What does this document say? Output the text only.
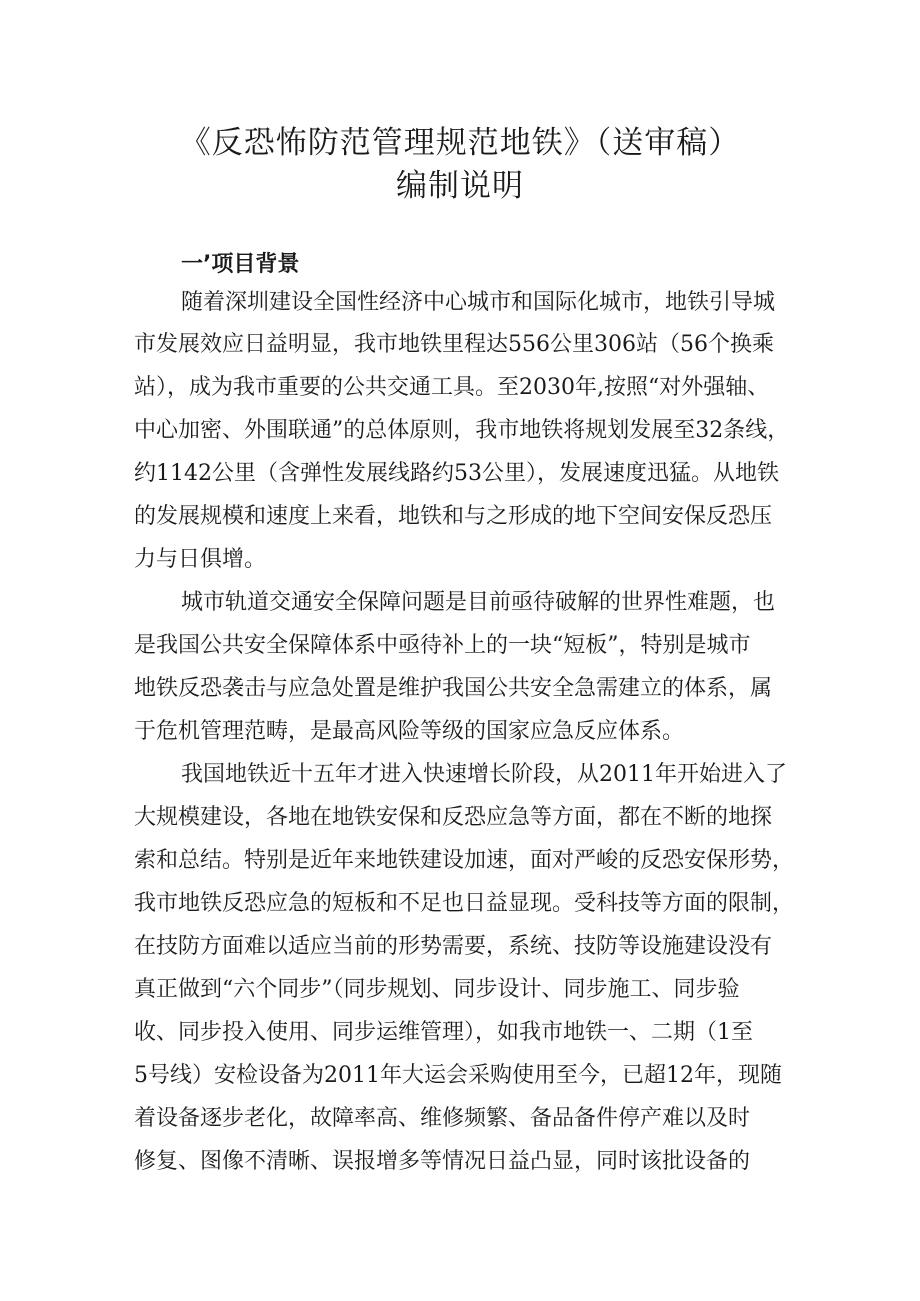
《反恐怖防范管理规范地铁》（送审稿）
编制说明
一’项目背景
随着深圳建设全国性经济中心城市和国际化城市，地铁引导城
市发展效应日益明显，我市地铁里程达556公里306站（56个换乘
站），成为我市重要的公共交通工具。至2030年,按照“对外强轴、
中心加密、外围联通”的总体原则，我市地铁将规划发展至32条线，
约1142公里（含弹性发展线路约53公里），发展速度迅猛。从地铁
的发展规模和速度上来看，地铁和与之形成的地下空间安保反恐压
力与日俱增。
城市轨道交通安全保障问题是目前亟待破解的世界性难题，也
是我国公共安全保障体系中亟待补上的一块“短板”，特别是城市
地铁反恐袭击与应急处置是维护我国公共安全急需建立的体系，属
于危机管理范畴，是最高风险等级的国家应急反应体系。
我国地铁近十五年才进入快速增长阶段，从2011年开始进入了
大规模建设，各地在地铁安保和反恐应急等方面，都在不断的地探
索和总结。特别是近年来地铁建设加速，面对严峻的反恐安保形势，
我市地铁反恐应急的短板和不足也日益显现。受科技等方面的限制，
在技防方面难以适应当前的形势需要，系统、技防等设施建设没有
真正做到“六个同步”（同步规划、同步设计、同步施工、同步验
收、同步投入使用、同步运维管理），如我市地铁一、二期（1至
5号线）安检设备为2011年大运会采购使用至今，已超12年，现随
着设备逐步老化，故障率高、维修频繁、备品备件停产难以及时
修复、图像不清晰、误报增多等情况日益凸显，同时该批设备的
